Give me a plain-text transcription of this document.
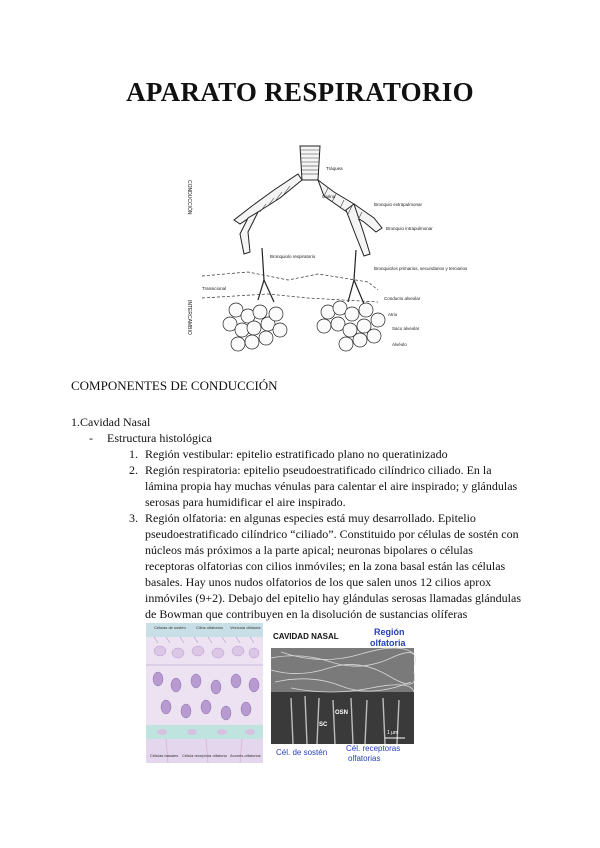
APARATO RESPIRATORIO
CONDUCCIÓN
INTERCAMBIO
Tráquea
Carina
Bronquio extrapulmonar
Bronquio intrapulmonar
Bronquiolo respiratorio
Bronquiolos primarios, secundarios y terciarios
Transicional
Conducto alveolar
Atrio
Saco alveolar
Alvéolo
COMPONENTES DE CONDUCCIÓN
1.Cavidad Nasal
- Estructura histológica
1. Región vestibular: epitelio estratificado plano no queratinizado
2. Región respiratoria: epitelio pseudoestratificado cilíndrico ciliado. En la
lámina propia hay muchas vénulas para calentar el aire inspirado; y glándulas
serosas para humidificar el aire inspirado.
3. Región olfatoria: en algunas especies está muy desarrollado. Epitelio
pseudoestratificado cilíndrico “ciliado”. Constituido por células de sostén con
núcleos más próximos a la parte apical; neuronas bipolares o células
receptoras olfatorias con cilios inmóviles; en la zona basal están las células
basales. Hay unos nudos olfatorios de los que salen unos 12 cilios aprox
inmóviles (9+2). Debajo del epitelio hay glándulas serosas llamadas glándulas
de Bowman que contribuyen en la disolución de sustancias olíferas
Células de sostén	Cilios olfatorios Vesícula olfatoria
Células basales Célula receptora olfatoria Axones olfatorios
CAVIDAD NASAL	Región
olfatoria
OSN
SC
1 μm
Cél. de sostén Cél. receptoras
olfatorias
